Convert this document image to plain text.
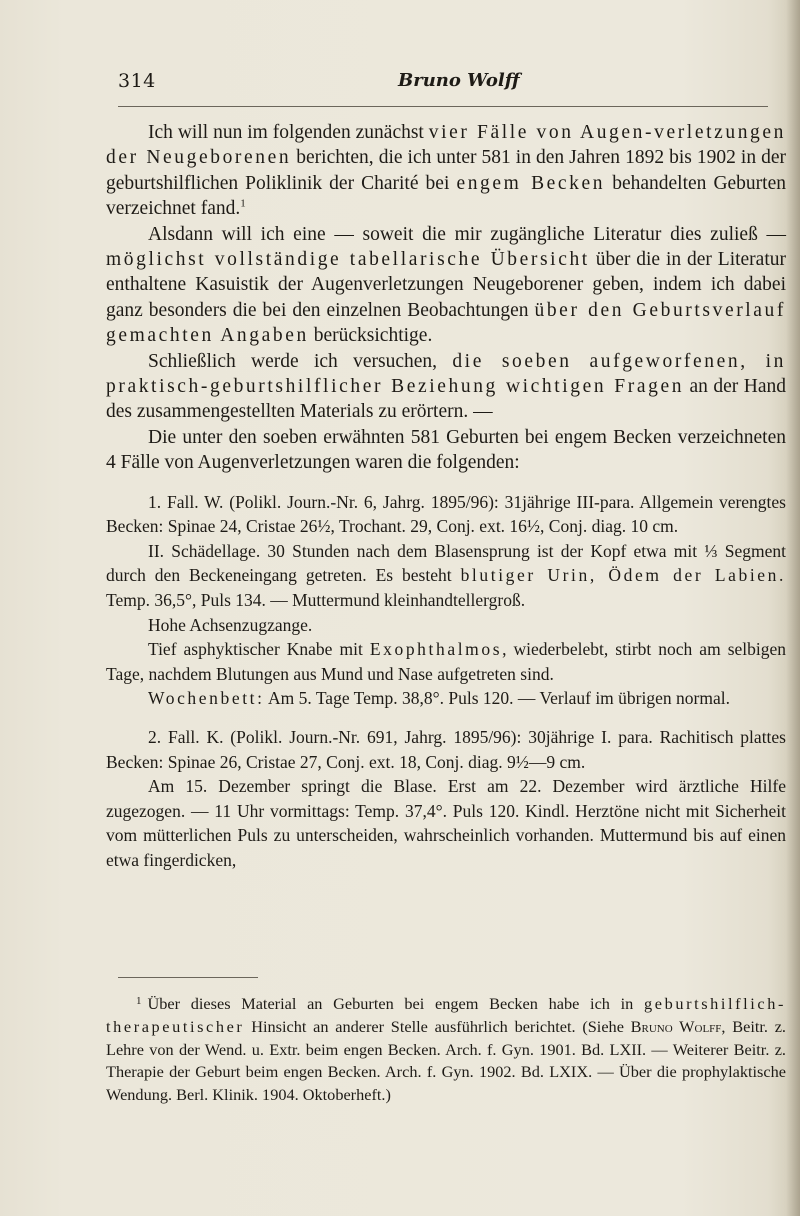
314	Bruno Wolff

Ich will nun im folgenden zunächst vier Fälle von Augen-verletzungen der Neugeborenen berichten, die ich unter 581 in den Jahren 1892 bis 1902 in der geburtshilflichen Poliklinik der Charité bei engem Becken behandelten Geburten verzeichnet fand.$^1$

Alsdann will ich eine — soweit die mir zugängliche Literatur dies zuließ — möglichst vollständige tabellarische Übersicht über die in der Literatur enthaltene Kasuistik der Augenverletzungen Neugeborener geben, indem ich dabei ganz besonders die bei den einzelnen Beobachtungen über den Geburtsverlauf gemachten Angaben berücksichtige.

Schließlich werde ich versuchen, die soeben aufgeworfenen, in praktisch-geburtshilflicher Beziehung wichtigen Fragen an der Hand des zusammengestellten Materials zu erörtern. —

Die unter den soeben erwähnten 581 Geburten bei engem Becken verzeichneten 4 Fälle von Augenverletzungen waren die folgenden:

1. Fall. W. (Polikl. Journ.-Nr. 6, Jahrg. 1895/96): 31jährige III-para. Allgemein verengtes Becken: Spinae 24, Cristae 26½, Trochant. 29, Conj. ext. 16½, Conj. diag. 10 cm.

II. Schädellage. 30 Stunden nach dem Blasensprung ist der Kopf etwa mit ⅓ Segment durch den Beckeneingang getreten. Es besteht blutiger Urin, Ödem der Labien. Temp. 36,5°, Puls 134. — Muttermund kleinhandtellergroß.

Hohe Achsenzugzange.

Tief asphyktischer Knabe mit Exophthalmos, wiederbelebt, stirbt noch am selbigen Tage, nachdem Blutungen aus Mund und Nase aufgetreten sind.

Wochenbett: Am 5. Tage Temp. 38,8°. Puls 120. — Verlauf im übrigen normal.

2. Fall. K. (Polikl. Journ.-Nr. 691, Jahrg. 1895/96): 30jährige I. para. Rachitisch plattes Becken: Spinae 26, Cristae 27, Conj. ext. 18, Conj. diag. 9½—9 cm.

Am 15. Dezember springt die Blase. Erst am 22. Dezember wird ärztliche Hilfe zugezogen. — 11 Uhr vormittags: Temp. 37,4°. Puls 120. Kindl. Herztöne nicht mit Sicherheit vom mütterlichen Puls zu unterscheiden, wahrscheinlich vorhanden. Muttermund bis auf einen etwa fingerdicken,

$^1$ Über dieses Material an Geburten bei engem Becken habe ich in geburtshilflich-therapeutischer Hinsicht an anderer Stelle ausführlich berichtet. (Siehe Bruno Wolff, Beitr. z. Lehre von der Wend. u. Extr. beim engen Becken. Arch. f. Gyn. 1901. Bd. LXII. — Weiterer Beitr. z. Therapie der Geburt beim engen Becken. Arch. f. Gyn. 1902. Bd. LXIX. — Über die prophylaktische Wendung. Berl. Klinik. 1904. Oktoberheft.)
